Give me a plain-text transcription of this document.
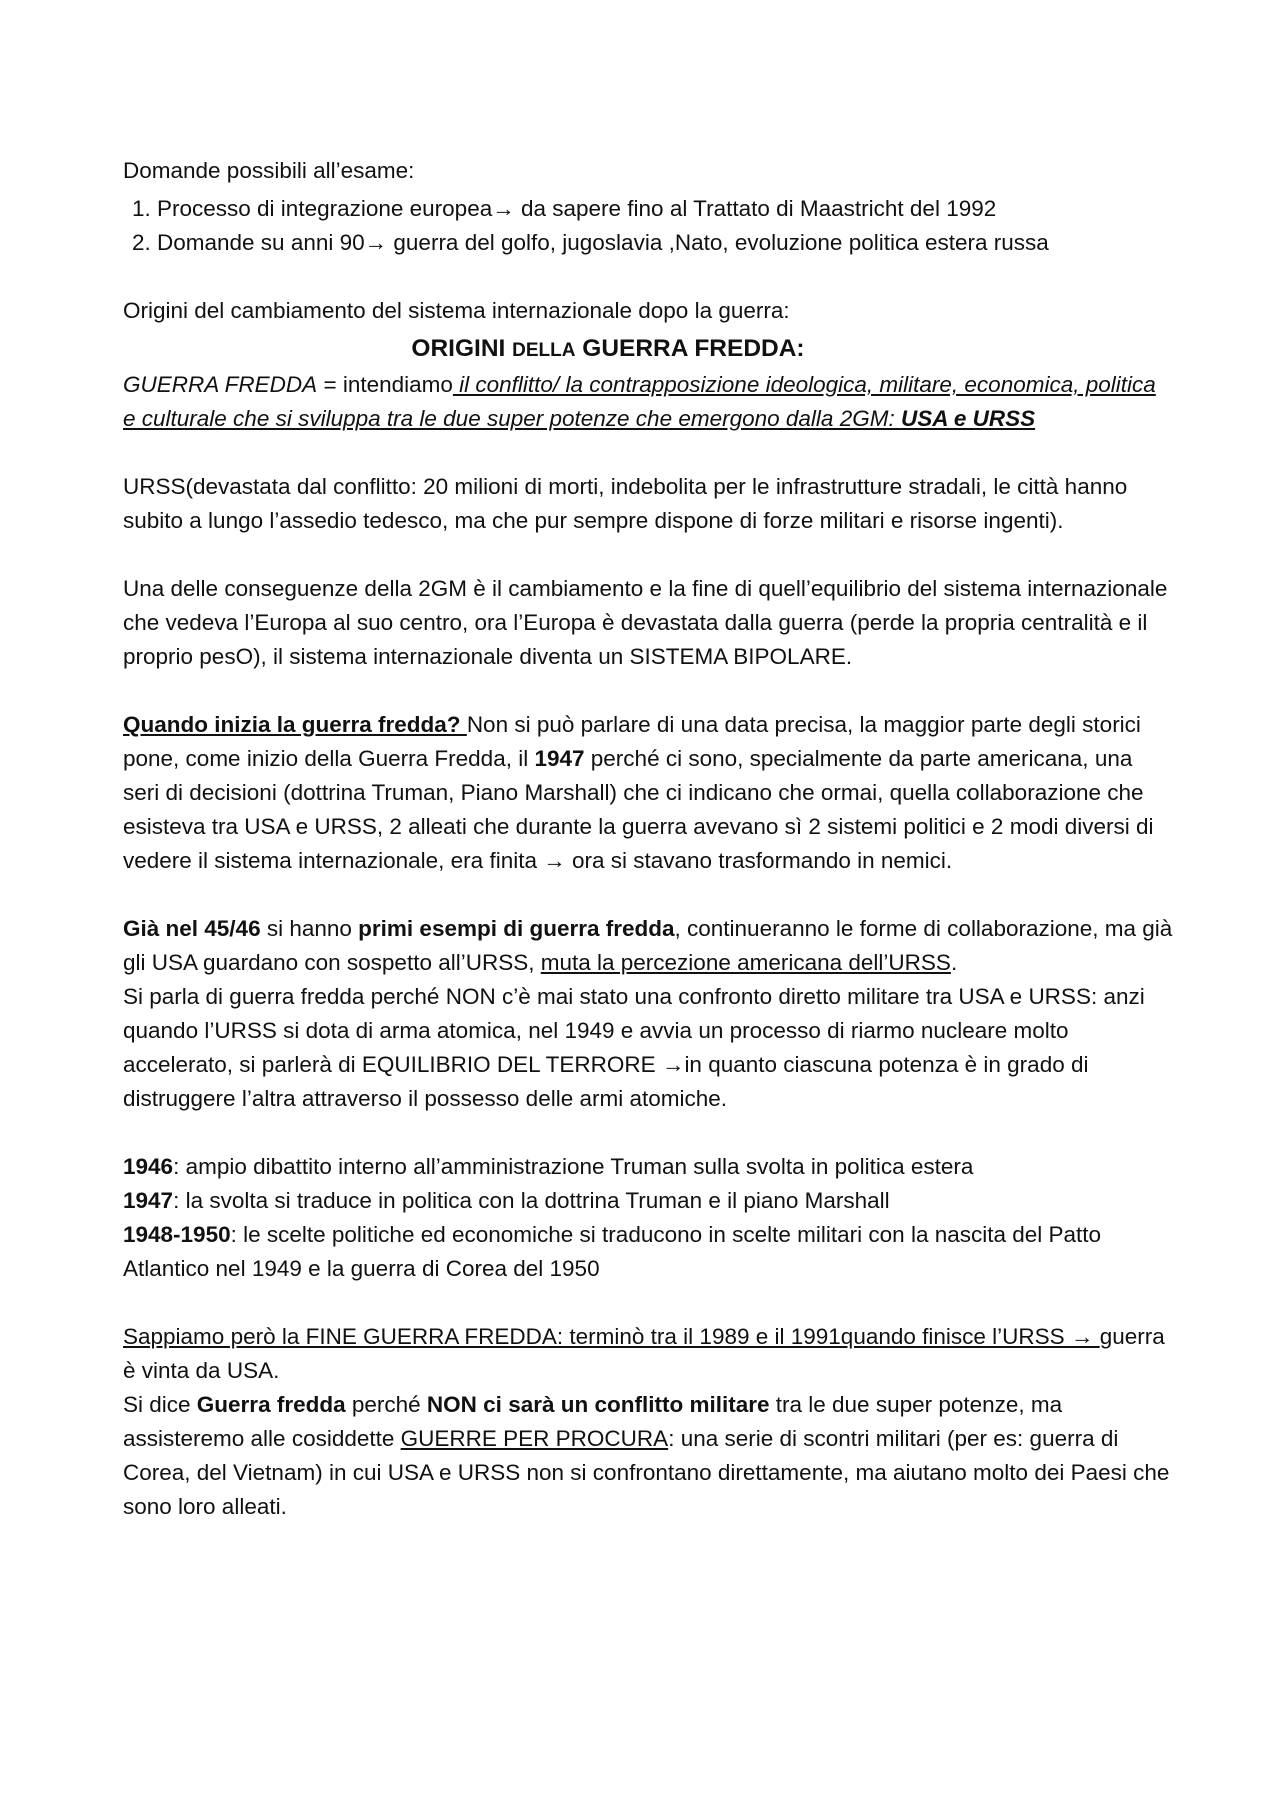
Domande possibili all’esame:

1. Processo di integrazione europea→ da sapere fino al Trattato di Maastricht del 1992
2. Domande su anni 90→ guerra del golfo, jugoslavia ,Nato, evoluzione politica estera russa

Origini del cambiamento del sistema internazionale dopo la guerra:

ORIGINI DELLA GUERRA FREDDA:

GUERRA FREDDA = intendiamo il conflitto/ la contrapposizione ideologica, militare, economica, politica e culturale che si sviluppa tra le due super potenze che emergono dalla 2GM: USA e URSS

URSS(devastata dal conflitto: 20 milioni di morti, indebolita per le infrastrutture stradali, le città hanno subito a lungo l’assedio tedesco, ma che pur sempre dispone di forze militari e risorse ingenti).

Una delle conseguenze della 2GM è il cambiamento e la fine di quell’equilibrio del sistema internazionale che vedeva l’Europa al suo centro, ora l’Europa è devastata dalla guerra (perde la propria centralità e il proprio pesO), il sistema internazionale diventa un SISTEMA BIPOLARE.

Quando inizia la guerra fredda? Non si può parlare di una data precisa, la maggior parte degli storici pone, come inizio della Guerra Fredda, il 1947 perché ci sono, specialmente da parte americana, una seri di decisioni (dottrina Truman, Piano Marshall) che ci indicano che ormai, quella collaborazione che esisteva tra USA e URSS, 2 alleati che durante la guerra avevano sì 2 sistemi politici e 2 modi diversi di vedere il sistema internazionale, era finita → ora si stavano trasformando in nemici.

Già nel 45/46 si hanno primi esempi di guerra fredda, continueranno le forme di collaborazione, ma già gli USA guardano con sospetto all’URSS, muta la percezione americana dell’URSS.

Si parla di guerra fredda perché NON c’è mai stato una confronto diretto militare tra USA e URSS: anzi quando l’URSS si dota di arma atomica, nel 1949 e avvia un processo di riarmo nucleare molto accelerato, si parlerà di EQUILIBRIO DEL TERRORE →in quanto ciascuna potenza è in grado di distruggere l’altra attraverso il possesso delle armi atomiche.

1946: ampio dibattito interno all’amministrazione Truman sulla svolta in politica estera

1947: la svolta si traduce in politica con la dottrina Truman e il piano Marshall

1948-1950: le scelte politiche ed economiche si traducono in scelte militari con la nascita del Patto Atlantico nel 1949 e la guerra di Corea del 1950

Sappiamo però la FINE GUERRA FREDDA: terminò tra il 1989 e il 1991quando finisce l’URSS → guerra è vinta da USA.

Si dice Guerra fredda perché NON ci sarà un conflitto militare tra le due super potenze, ma assisteremo alle cosiddette GUERRE PER PROCURA: una serie di scontri militari (per es: guerra di Corea, del Vietnam) in cui USA e URSS non si confrontano direttamente, ma aiutano molto dei Paesi che sono loro alleati.
